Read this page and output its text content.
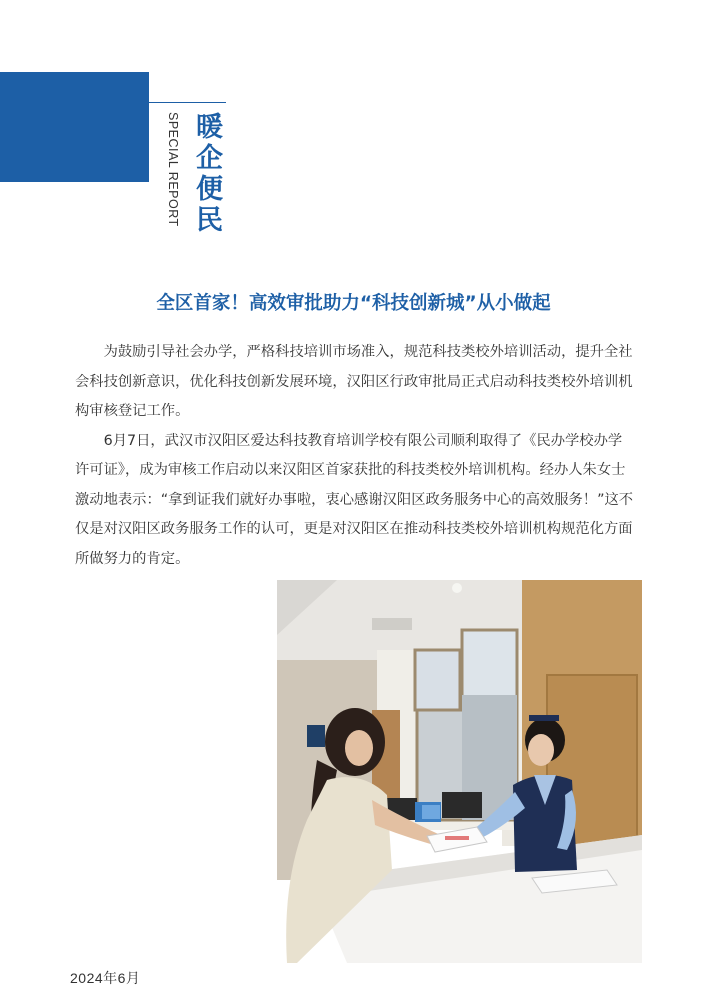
SPECIAL REPORT 暖企便民
全区首家！高效审批助力“科技创新城”从小做起

为鼓励引导社会办学，严格科技培训市场准入，规范科技类校外培训活动，提升全社会科技创新意识，优化科技创新发展环境，汉阳区行政审批局正式启动科技类校外培训机构审核登记工作。

6月7日，武汉市汉阳区爱达科技教育培训学校有限公司顺利取得了《民办学校办学许可证》，成为审核工作启动以来汉阳区首家获批的科技类校外培训机构。经办人朱女士激动地表示：“拿到证我们就好办事啦，衷心感谢汉阳区政务服务中心的高效服务！”这不仅是对汉阳区政务服务工作的认可，更是对汉阳区在推动科技类校外培训机构规范化方面所做努力的肯定。

2024年6月
